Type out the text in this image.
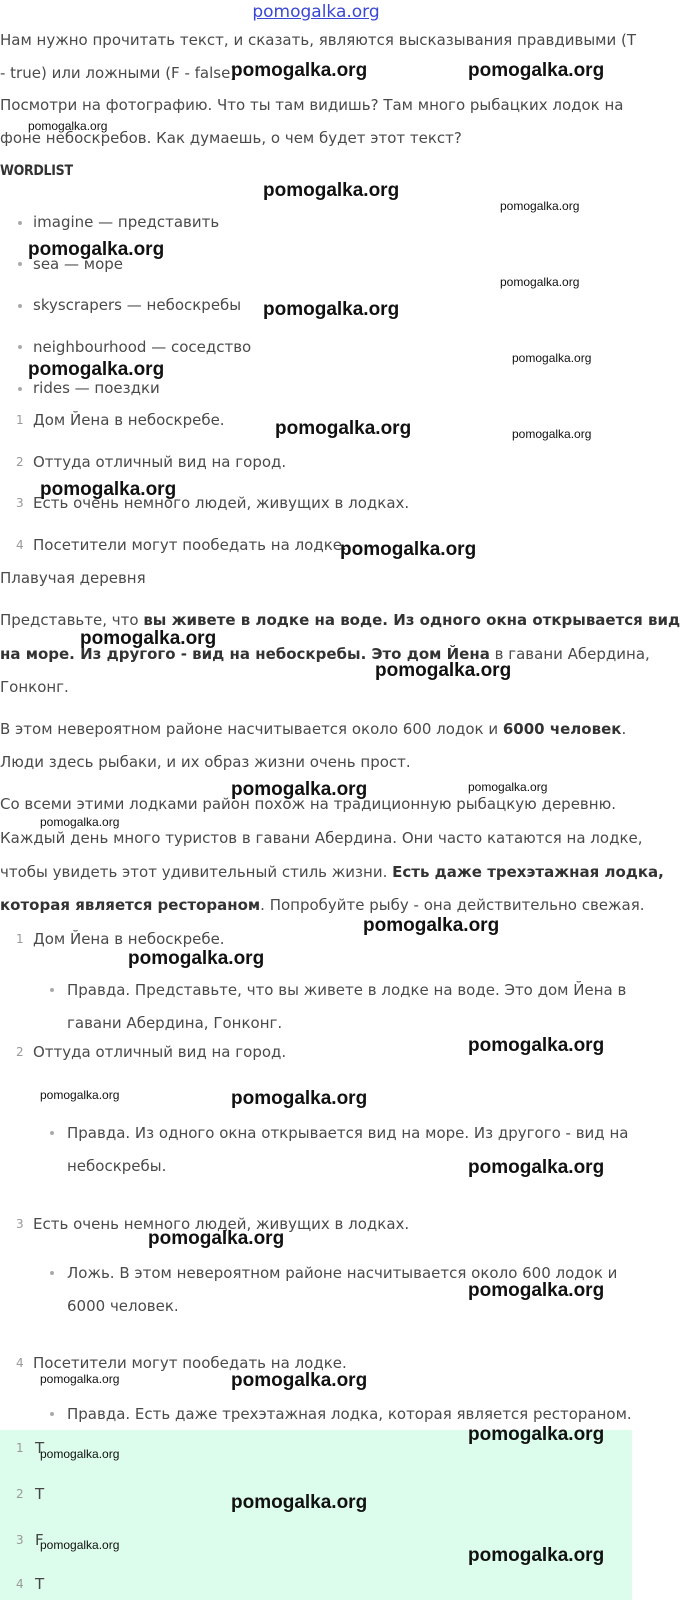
pomogalka.org
Нам нужно прочитать текст, и сказать, являются высказывания правдивыми (T
- true) или ложными (F - false)
Посмотри на фотографию. Что ты там видишь? Там много рыбацких лодок на
фоне небоскребов. Как думаешь, о чем будет этот текст?
WORDLIST
imagine — представить
sea — море
skyscrapers — небоскребы
neighbourhood — соседство
rides — поездки
1 Дом Йена в небоскребе.
2 Оттуда отличный вид на город.
3 Есть очень немного людей, живущих в лодках.
4 Посетители могут пообедать на лодке.
Плавучая деревня
Представьте, что вы живете в лодке на воде. Из одного окна открывается вид
на море. Из другого - вид на небоскребы. Это дом Йена в гавани Абердина,
Гонконг.
В этом невероятном районе насчитывается около 600 лодок и 6000 человек.
Люди здесь рыбаки, и их образ жизни очень прост.
Со всеми этими лодками район похож на традиционную рыбацкую деревню.
Каждый день много туристов в гавани Абердина. Они часто катаются на лодке,
чтобы увидеть этот удивительный стиль жизни. Есть даже трехэтажная лодка,
которая является рестораном. Попробуйте рыбу - она действительно свежая.
1 Дом Йена в небоскребе.
Правда. Представьте, что вы живете в лодке на воде. Это дом Йена в
гавани Абердина, Гонконг.
2 Оттуда отличный вид на город.
Правда. Из одного окна открывается вид на море. Из другого - вид на
небоскребы.
3 Есть очень немного людей, живущих в лодках.
Ложь. В этом невероятном районе насчитывается около 600 лодок и
6000 человек.
4 Посетители могут пообедать на лодке.
Правда. Есть даже трехэтажная лодка, которая является рестораном.
1 T
2 T
3 F
4 T
pomogalka.org	pomogalka.org
pomogalka.org
pomogalka.org
pomogalka.org
pomogalka.org
pomogalka.org
pomogalka.org
pomogalka.org
pomogalka.org
pomogalka.org	pomogalka.org
pomogalka.org
pomogalka.org
pomogalka.org
pomogalka.org
pomogalka.org	pomogalka.org
pomogalka.org
pomogalka.org
pomogalka.org
pomogalka.org
pomogalka.org	pomogalka.org
pomogalka.org
pomogalka.org
pomogalka.org
pomogalka.org	pomogalka.org
pomogalka.org
pomogalka.org
pomogalka.org
pomogalka.org	pomogalka.org
